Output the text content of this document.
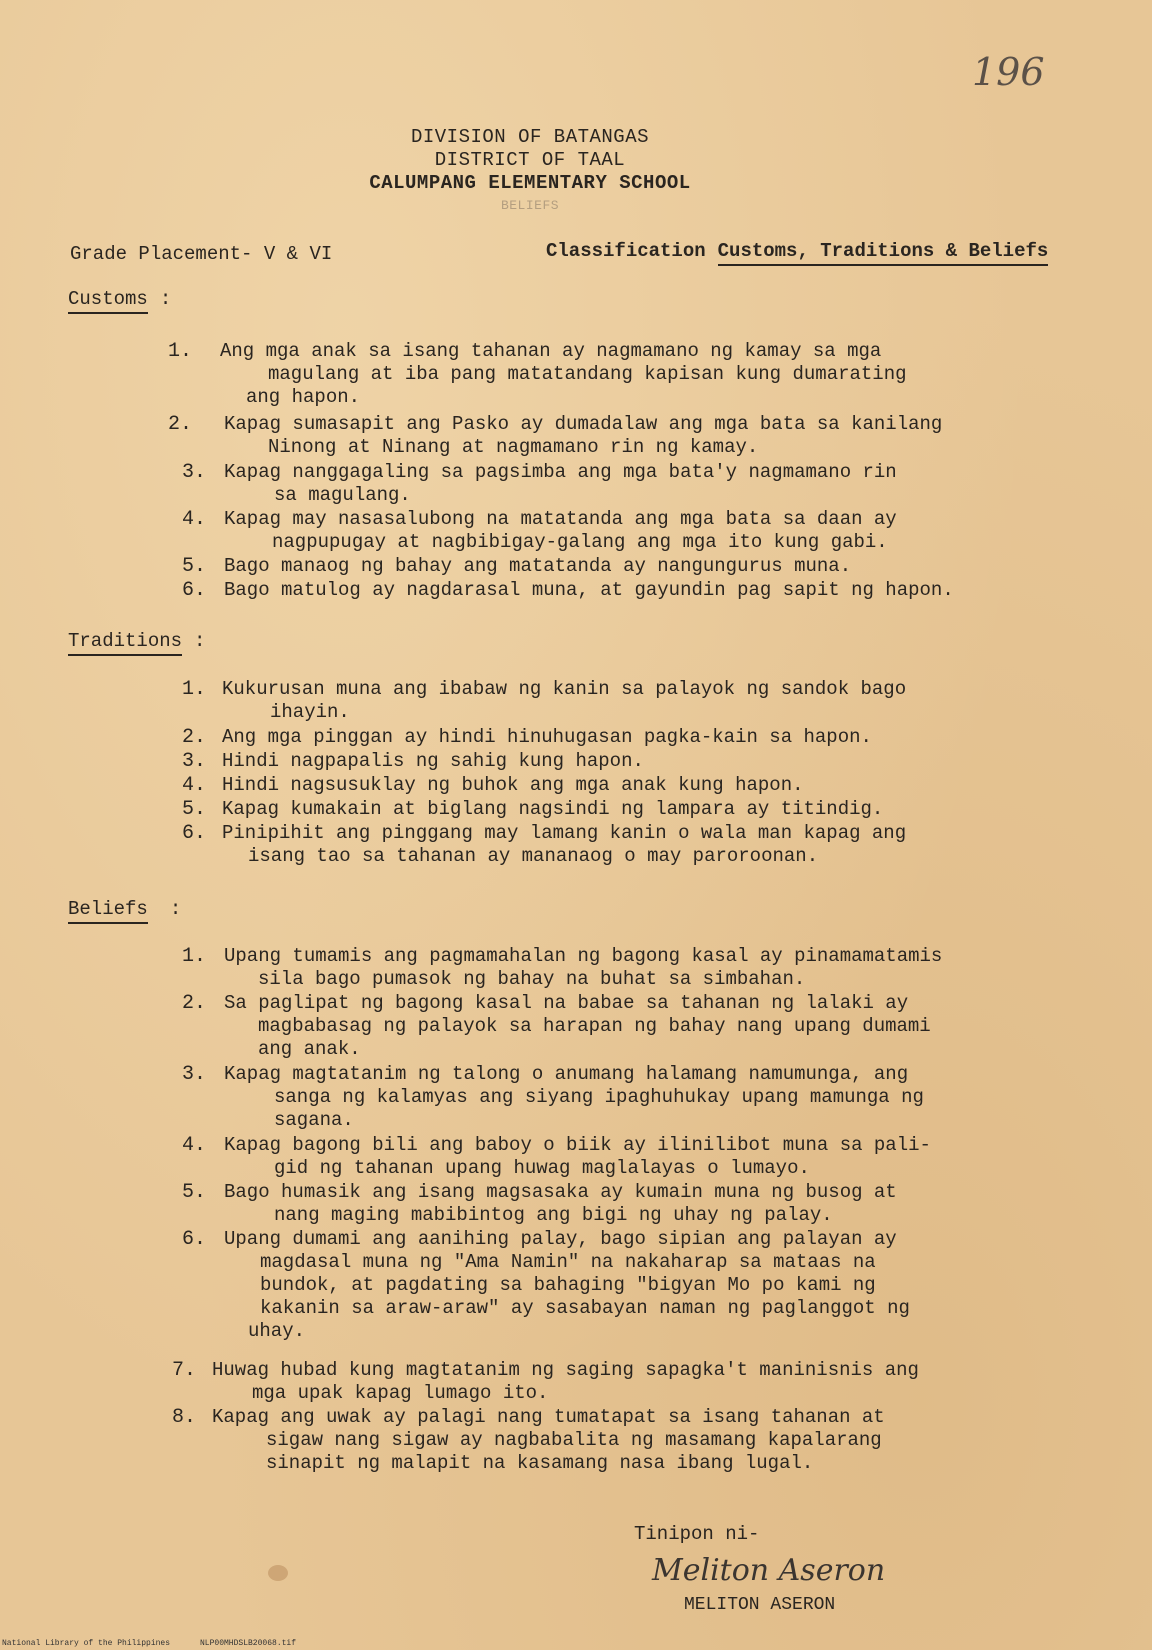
196
DIVISION OF BATANGAS
DISTRICT OF TAAL
CALUMPANG ELEMENTARY SCHOOL
BELIEFS
Grade Placement- V & VI	Classification Customs, Traditions & Beliefs
Customs :
1.	Ang mga anak sa isang tahanan ay nagmamano ng kamay sa mga
magulang at iba pang matatandang kapisan kung dumarating
ang hapon.
2.	Kapag sumasapit ang Pasko ay dumadalaw ang mga bata sa kanilang
Ninong at Ninang at nagmamano rin ng kamay.
3. Kapag nanggagaling sa pagsimba ang mga bata'y nagmamano rin
sa magulang.
4. Kapag may nasasalubong na matatanda ang mga bata sa daan ay
nagpupugay at nagbibigay-galang ang mga ito kung gabi.
5. Bago manaog ng bahay ang matatanda ay nangungurus muna.
6. Bago matulog ay nagdarasal muna, at gayundin pag sapit ng hapon.
Traditions :
1. Kukurusan muna ang ibabaw ng kanin sa palayok ng sandok bago
ihayin.
2. Ang mga pinggan ay hindi hinuhugasan pagka-kain sa hapon.
3. Hindi nagpapalis ng sahig kung hapon.
4. Hindi nagsusuklay ng buhok ang mga anak kung hapon.
5. Kapag kumakain at biglang nagsindi ng lampara ay titindig.
6. Pinipihit ang pinggang may lamang kanin o wala man kapag ang
isang tao sa tahanan ay mananaog o may paroroonan.
Beliefs :
1. Upang tumamis ang pagmamahalan ng bagong kasal ay pinamamatamis
sila bago pumasok ng bahay na buhat sa simbahan.
2. Sa paglipat ng bagong kasal na babae sa tahanan ng lalaki ay
magbabasag ng palayok sa harapan ng bahay nang upang dumami
ang anak.
3. Kapag magtatanim ng talong o anumang halamang namumunga, ang
sanga ng kalamyas ang siyang ipaghuhukay upang mamunga ng
sagana.
4. Kapag bagong bili ang baboy o biik ay ilinilibot muna sa pali-
gid ng tahanan upang huwag maglalayas o lumayo.
5. Bago humasik ang isang magsasaka ay kumain muna ng busog at
nang maging mabibintog ang bigi ng uhay ng palay.
6. Upang dumami ang aanihing palay, bago sipian ang palayan ay
magdasal muna ng "Ama Namin" na nakaharap sa mataas na
bundok, at pagdating sa bahaging "bigyan Mo po kami ng
kakanin sa araw-araw" ay sasabayan naman ng paglanggot ng
uhay.
7. Huwag hubad kung magtatanim ng saging sapagka't maninisnis ang
mga upak kapag lumago ito.
8. Kapag ang uwak ay palagi nang tumatapat sa isang tahanan at
sigaw nang sigaw ay nagbabalita ng masamang kapalarang
sinapit ng malapit na kasamang nasa ibang lugal.
Tinipon ni-
Meliton Aseron
MELITON ASERON
National Library of the Philippines	NLP00MHDSLB20068.tif
